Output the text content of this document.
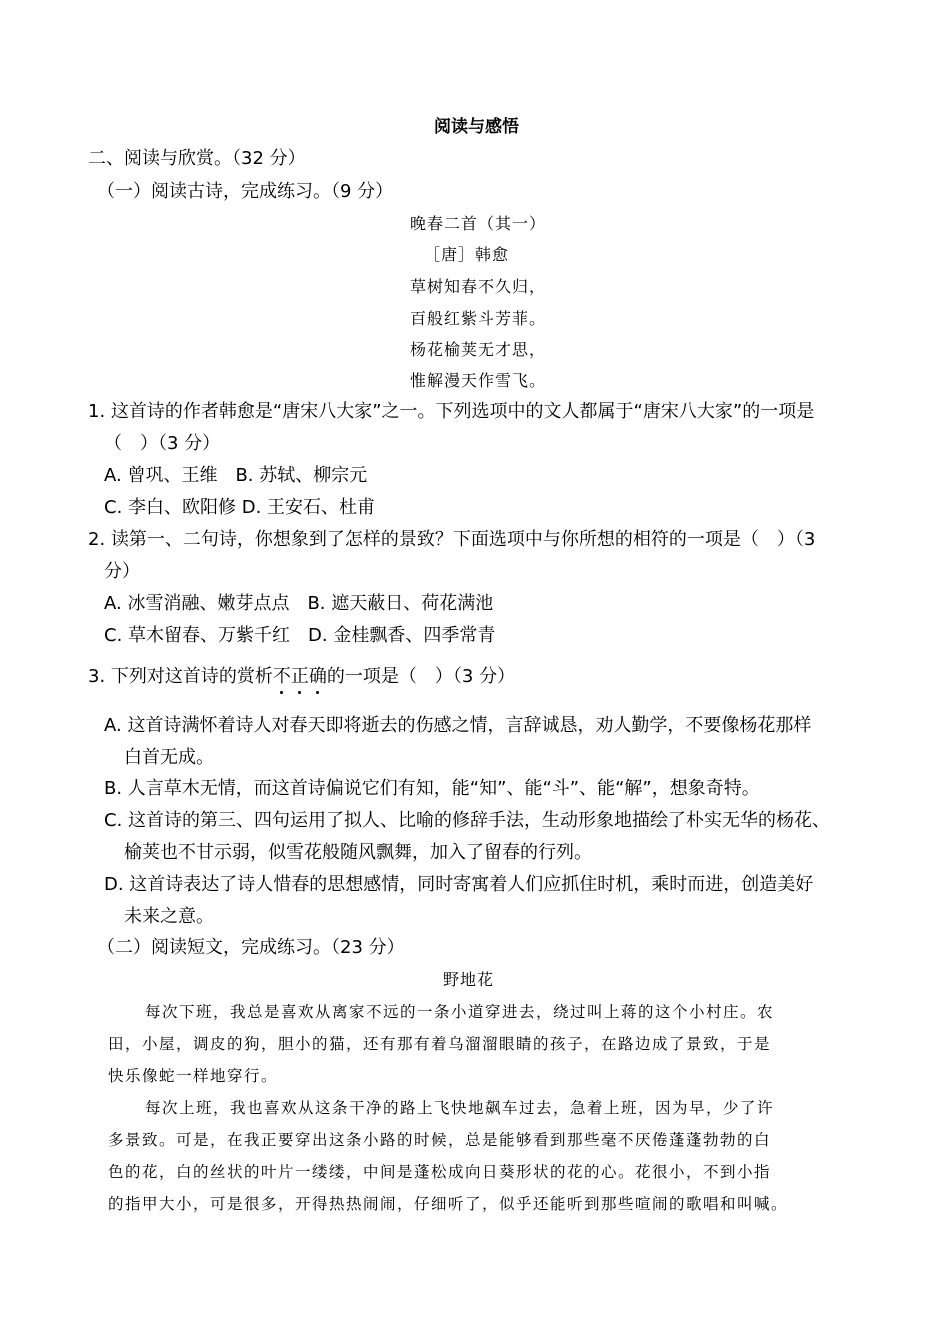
阅读与感悟
二、阅读与欣赏。（32 分）
（一）阅读古诗，完成练习。（9 分）
晚春二首（其一）
［唐］韩愈
草树知春不久归，
百般红紫斗芳菲。
杨花榆荚无才思，
惟解漫天作雪飞。
1. 这首诗的作者韩愈是“唐宋八大家”之一。下列选项中的文人都属于“唐宋八大家”的一项是
（　）（3 分）
A. 曾巩、王维　B. 苏轼、柳宗元
C. 李白、欧阳修 D. 王安石、杜甫
2. 读第一、二句诗，你想象到了怎样的景致？下面选项中与你所想的相符的一项是（　）（3
分）
A. 冰雪消融、嫩芽点点　B. 遮天蔽日、荷花满池
C. 草木留春、万紫千红　D. 金桂飘香、四季常青
3. 下列对这首诗的赏析不
正
确
的一项是（　）（3 分）
A. 这首诗满怀着诗人对春天即将逝去的伤感之情，言辞诚恳，劝人勤学，不要像杨花那样
白首无成。
B. 人言草木无情，而这首诗偏说它们有知，能“知”、能“斗”、能“解”，想象奇特。
C. 这首诗的第三、四句运用了拟人、比喻的修辞手法，生动形象地描绘了朴实无华的杨花、
榆荚也不甘示弱，似雪花般随风飘舞，加入了留春的行列。
D. 这首诗表达了诗人惜春的思想感情，同时寄寓着人们应抓住时机，乘时而进，创造美好
未来之意。
（二）阅读短文，完成练习。（23 分）
野地花
每次下班，我总是喜欢从离家不远的一条小道穿进去，绕过叫上蒋的这个小村庄。农
田，小屋，调皮的狗，胆小的猫，还有那有着乌溜溜眼睛的孩子，在路边成了景致，于是
快乐像蛇一样地穿行。
每次上班，我也喜欢从这条干净的路上飞快地飙车过去，急着上班，因为早，少了许
多景致。可是，在我正要穿出这条小路的时候，总是能够看到那些毫不厌倦蓬蓬勃勃的白
色的花，白的丝状的叶片一缕缕，中间是蓬松成向日葵形状的花的心。花很小，不到小指
的指甲大小，可是很多，开得热热闹闹，仔细听了，似乎还能听到那些喧闹的歌唱和叫喊。
